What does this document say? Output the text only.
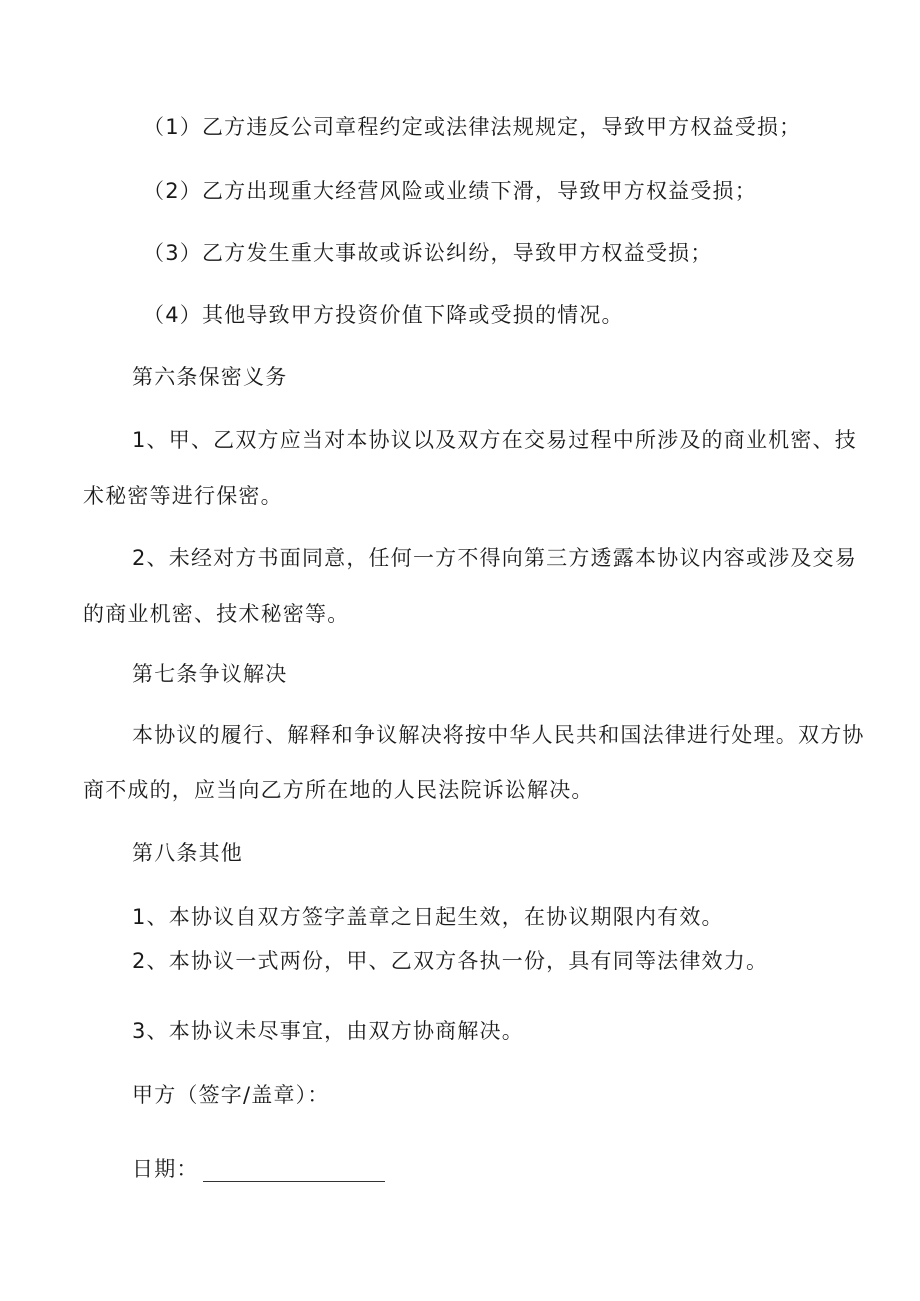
（1）乙方违反公司章程约定或法律法规规定，导致甲方权益受损；
（2）乙方出现重大经营风险或业绩下滑，导致甲方权益受损；
（3）乙方发生重大事故或诉讼纠纷，导致甲方权益受损；
（4）其他导致甲方投资价值下降或受损的情况。
第六条保密义务
1、甲、乙双方应当对本协议以及双方在交易过程中所涉及的商业机密、技
术秘密等进行保密。
2、未经对方书面同意，任何一方不得向第三方透露本协议内容或涉及交易
的商业机密、技术秘密等。
第七条争议解决
本协议的履行、解释和争议解决将按中华人民共和国法律进行处理。双方协
商不成的，应当向乙方所在地的人民法院诉讼解决。
第八条其他
1、本协议自双方签字盖章之日起生效，在协议期限内有效。
2、本协议一式两份，甲、乙双方各执一份，具有同等法律效力。
3、本协议未尽事宜，由双方协商解决。
甲方（签字/盖章）：
日期：
